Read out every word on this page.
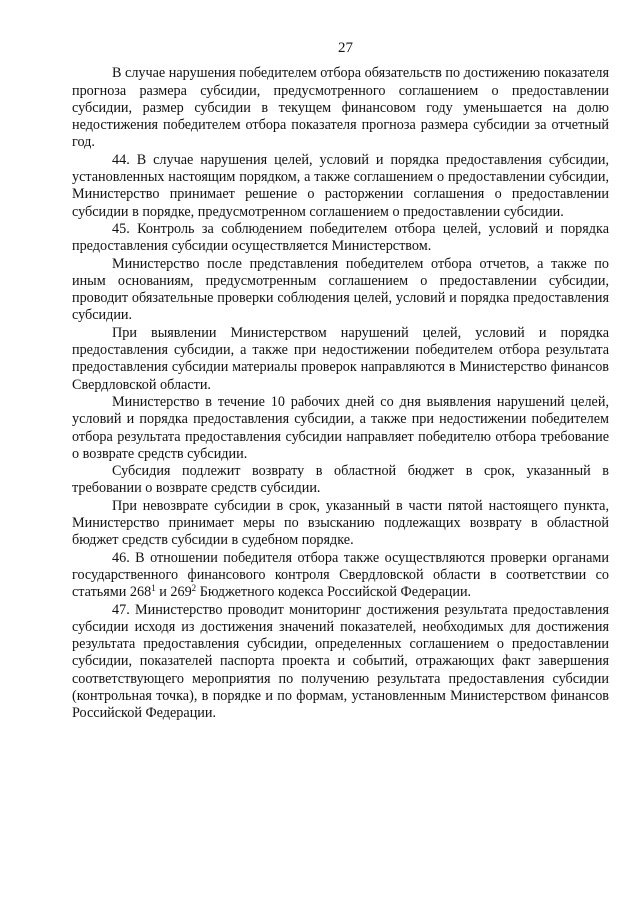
27

В случае нарушения победителем отбора обязательств по достижению показателя прогноза размера субсидии, предусмотренного соглашением о предоставлении субсидии, размер субсидии в текущем финансовом году уменьшается на долю недостижения победителем отбора показателя прогноза размера субсидии за отчетный год.

44. В случае нарушения целей, условий и порядка предоставления субсидии, установленных настоящим порядком, а также соглашением о предоставлении субсидии, Министерство принимает решение о расторжении соглашения о предоставлении субсидии в порядке, предусмотренном соглашением о предоставлении субсидии.

45. Контроль за соблюдением победителем отбора целей, условий и порядка предоставления субсидии осуществляется Министерством.

Министерство после представления победителем отбора отчетов, а также по иным основаниям, предусмотренным соглашением о предоставлении субсидии, проводит обязательные проверки соблюдения целей, условий и порядка предоставления субсидии.

При выявлении Министерством нарушений целей, условий и порядка предоставления субсидии, а также при недостижении победителем отбора результата предоставления субсидии материалы проверок направляются в Министерство финансов Свердловской области.

Министерство в течение 10 рабочих дней со дня выявления нарушений целей, условий и порядка предоставления субсидии, а также при недостижении победителем отбора результата предоставления субсидии направляет победителю отбора требование о возврате средств субсидии.

Субсидия подлежит возврату в областной бюджет в срок, указанный в требовании о возврате средств субсидии.

При невозврате субсидии в срок, указанный в части пятой настоящего пункта, Министерство принимает меры по взысканию подлежащих возврату в областной бюджет средств субсидии в судебном порядке.

46. В отношении победителя отбора также осуществляются проверки органами государственного финансового контроля Свердловской области в соответствии со статьями $268^1$ и $269^2$ Бюджетного кодекса Российской Федерации.

47. Министерство проводит мониторинг достижения результата предоставления субсидии исходя из достижения значений показателей, необходимых для достижения результата предоставления субсидии, определенных соглашением о предоставлении субсидии, показателей паспорта проекта и событий, отражающих факт завершения соответствующего мероприятия по получению результата предоставления субсидии (контрольная точка), в порядке и по формам, установленным Министерством финансов Российской Федерации.
